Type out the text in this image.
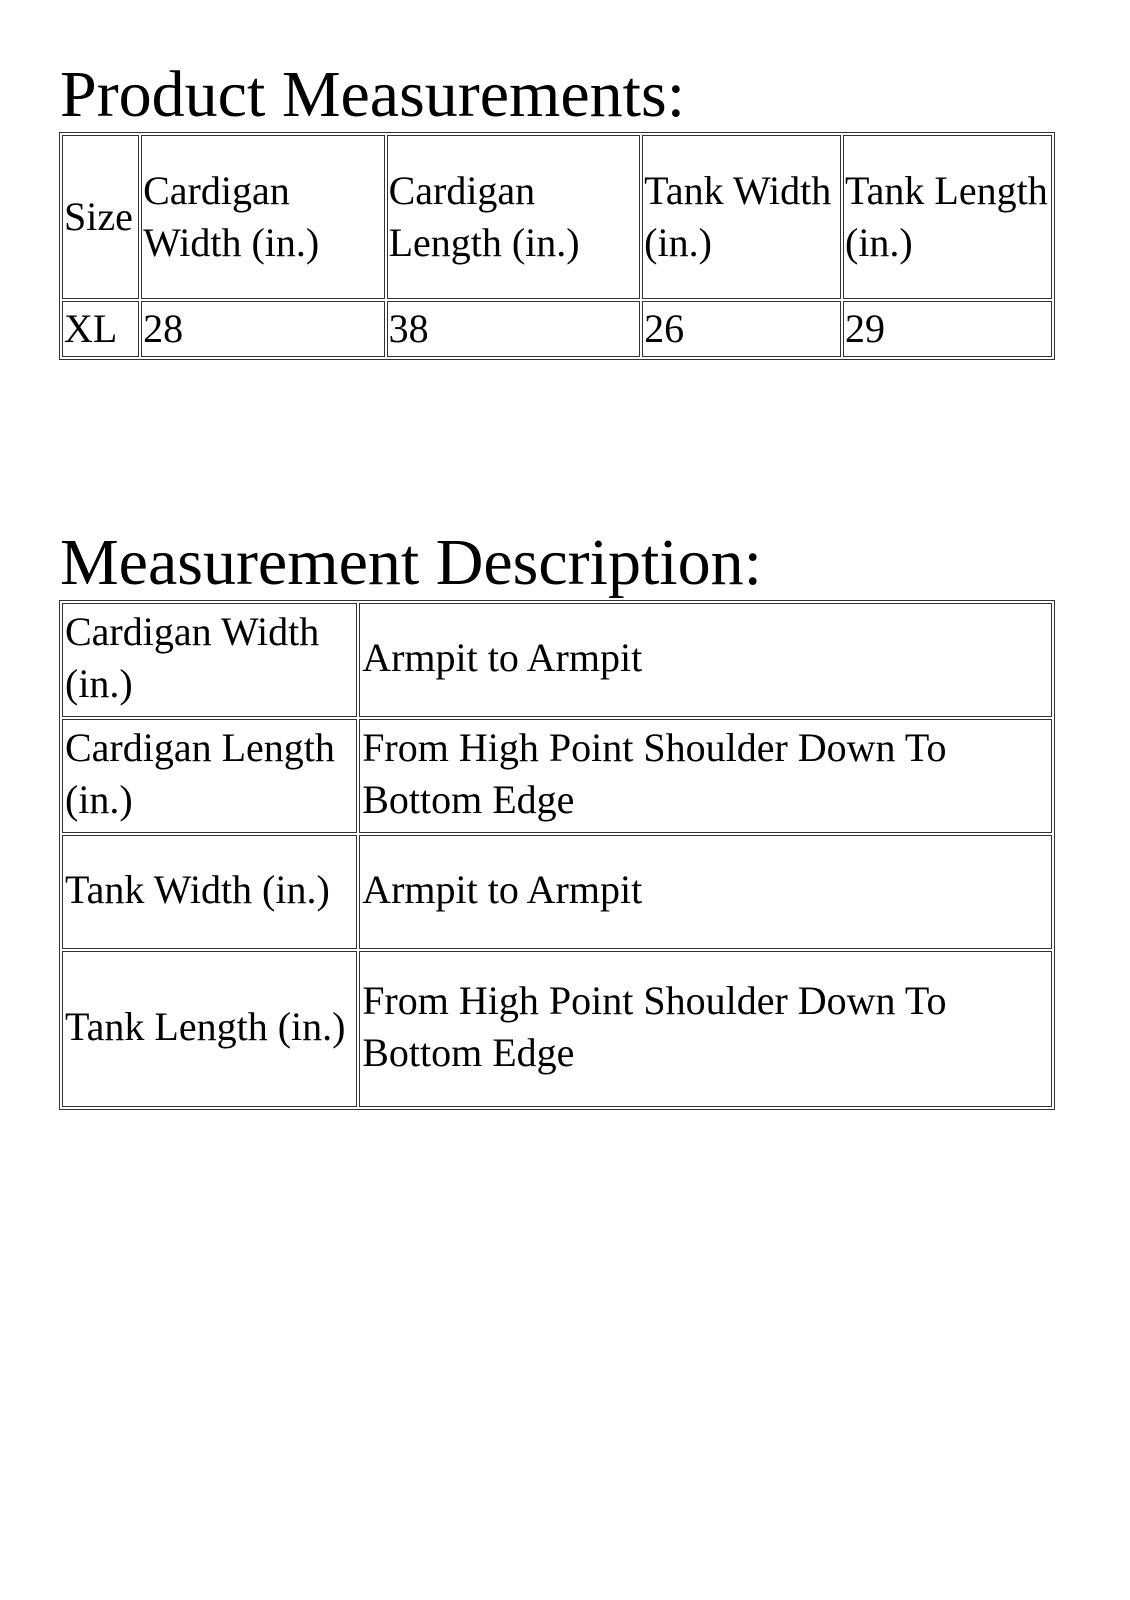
Product Measurements:
Size	Cardigan Width (in.)	Cardigan Length (in.)	Tank Width (in.)	Tank Length (in.)
XL	28	38	26	29
Measurement Description:
Cardigan Width (in.)	Armpit to Armpit
Cardigan Length (in.)	From High Point Shoulder Down To Bottom Edge
Tank Width (in.)	Armpit to Armpit
Tank Length (in.)	From High Point Shoulder Down To Bottom Edge
